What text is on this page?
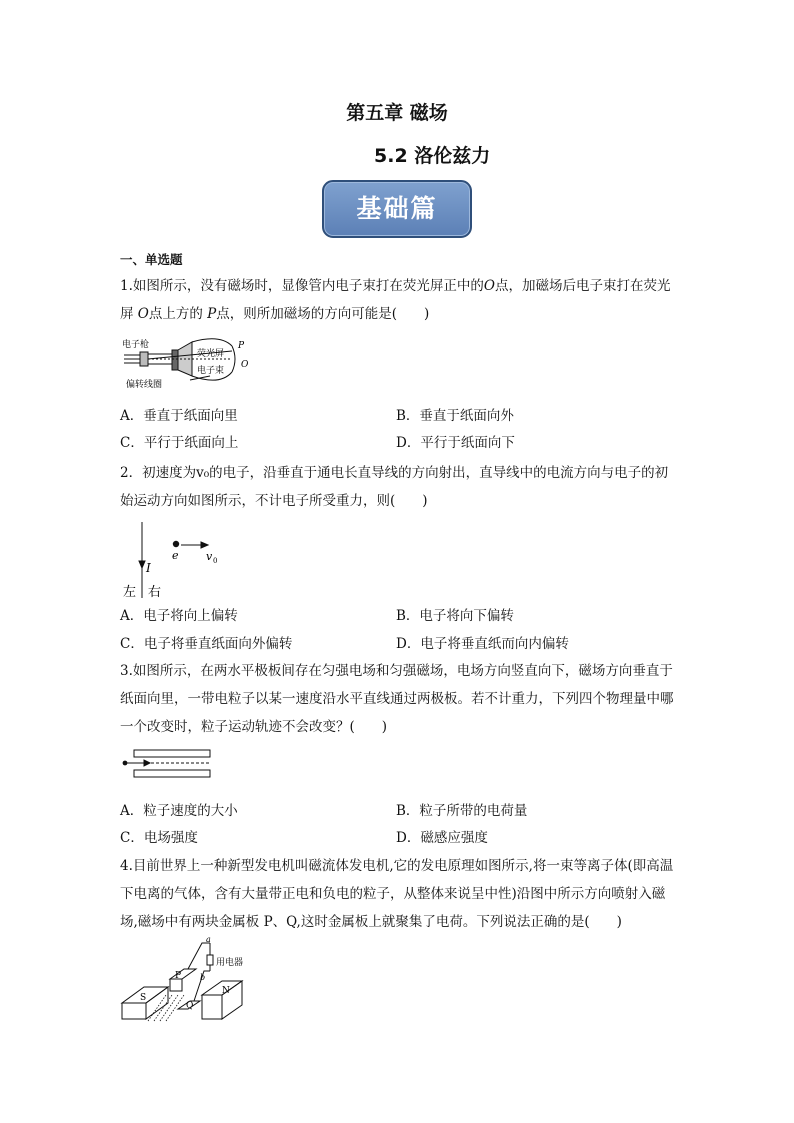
第五章 磁场
5.2 洛伦兹力
基础篇
一、单选题
1.如图所示，没有磁场时，显像管内电子束打在荧光屏正中的O点，加磁场后电子束打在荧光屏 O点上方的 P点，则所加磁场的方向可能是(　　)
电子枪
偏转线圈
荧光屏
电子束
P
O
A．垂直于纸面向里	B．垂直于纸面向外
C．平行于纸面向上	D．平行于纸面向下
2．初速度为v₀的电子，沿垂直于通电长直导线的方向射出，直导线中的电流方向与电子的初始运动方向如图所示，不计电子所受重力，则(　　)
e v 0
I
左 右
A．电子将向上偏转	B．电子将向下偏转
C．电子将垂直纸面向外偏转	D．电子将垂直纸而向内偏转
3.如图所示，在两水平极板间存在匀强电场和匀强磁场，电场方向竖直向下，磁场方向垂直于纸面向里，一带电粒子以某一速度沿水平直线通过两极板。若不计重力，下列四个物理量中哪一个改变时，粒子运动轨迹不会改变？(　　)
A．粒子速度的大小	B．粒子所带的电荷量
C．电场强度	D．磁感应强度
4.目前世界上一种新型发电机叫磁流体发电机,它的发电原理如图所示,将一束等离子体(即高温下电离的气体，含有大量带正电和负电的粒子，从整体来说呈中性)沿图中所示方向喷射入磁场,磁场中有两块金属板 P、Q,这时金属板上就聚集了电荷。下列说法正确的是(　　)
a
b
用电器
S
P
Q
N
